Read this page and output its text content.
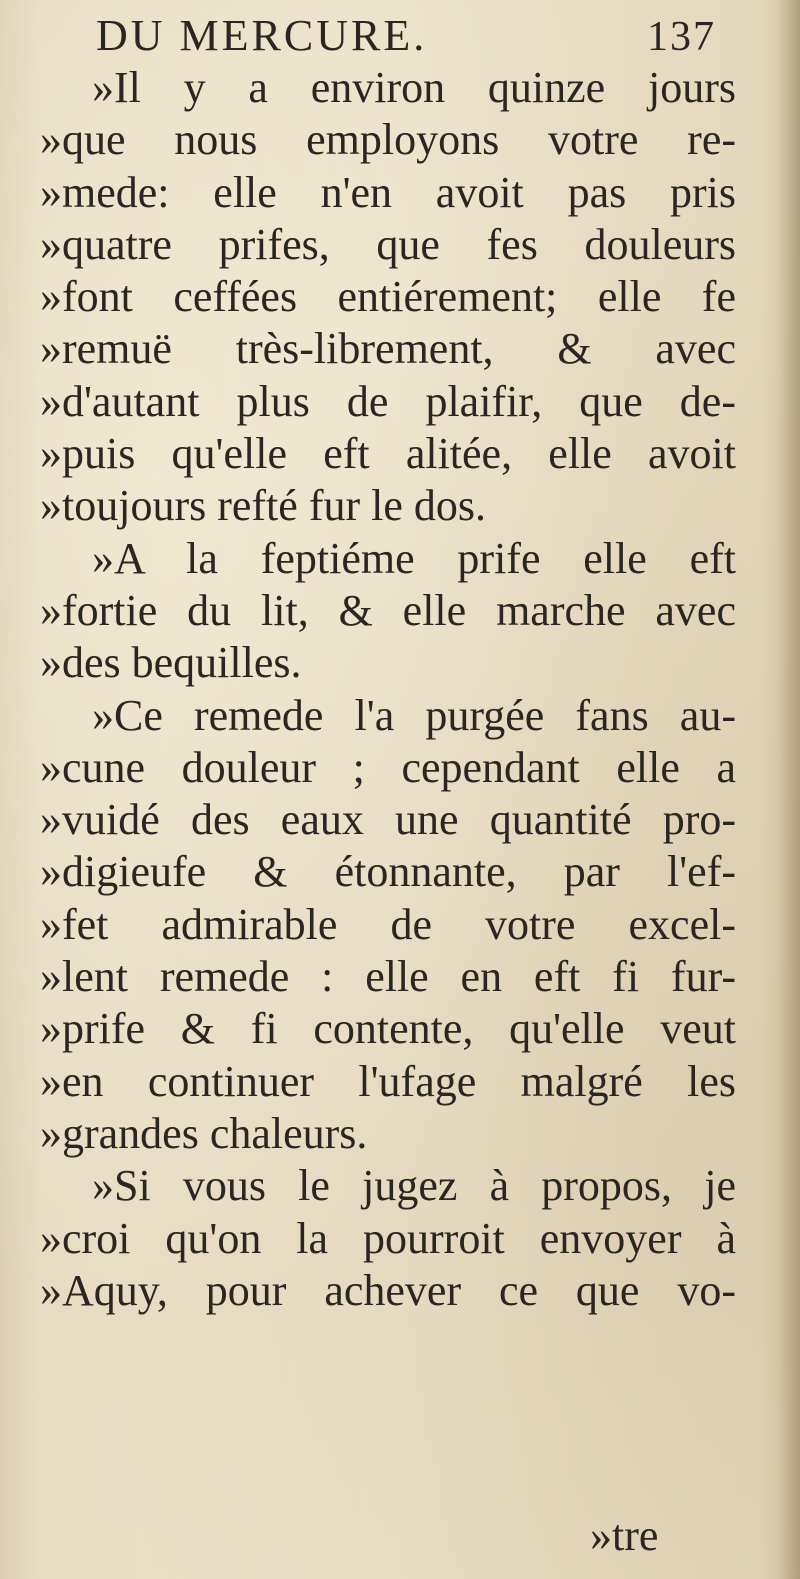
DU MERCURE.	137
»Il y a environ quinze jours
»que nous employons votre re-
»mede: elle n'en avoit pas pris
»quatre prifes, que fes douleurs
»font ceffées entiérement; elle fe
»remuë très-librement, & avec
»d'autant plus de plaifir, que de-
»puis qu'elle eft alitée, elle avoit
»toujours refté fur le dos.
»A la feptiéme prife elle eft
»fortie du lit, & elle marche avec
»des bequilles.
»Ce remede l'a purgée fans au-
»cune douleur ; cependant elle a
»vuidé des eaux une quantité pro-
»digieufe & étonnante, par l'ef-
»fet admirable de votre excel-
»lent remede : elle en eft fi fur-
»prife & fi contente, qu'elle veut
»en continuer l'ufage malgré les
»grandes chaleurs.
»Si vous le jugez à propos, je
»croi qu'on la pourroit envoyer à
»Aquy, pour achever ce que vo-
»tre
